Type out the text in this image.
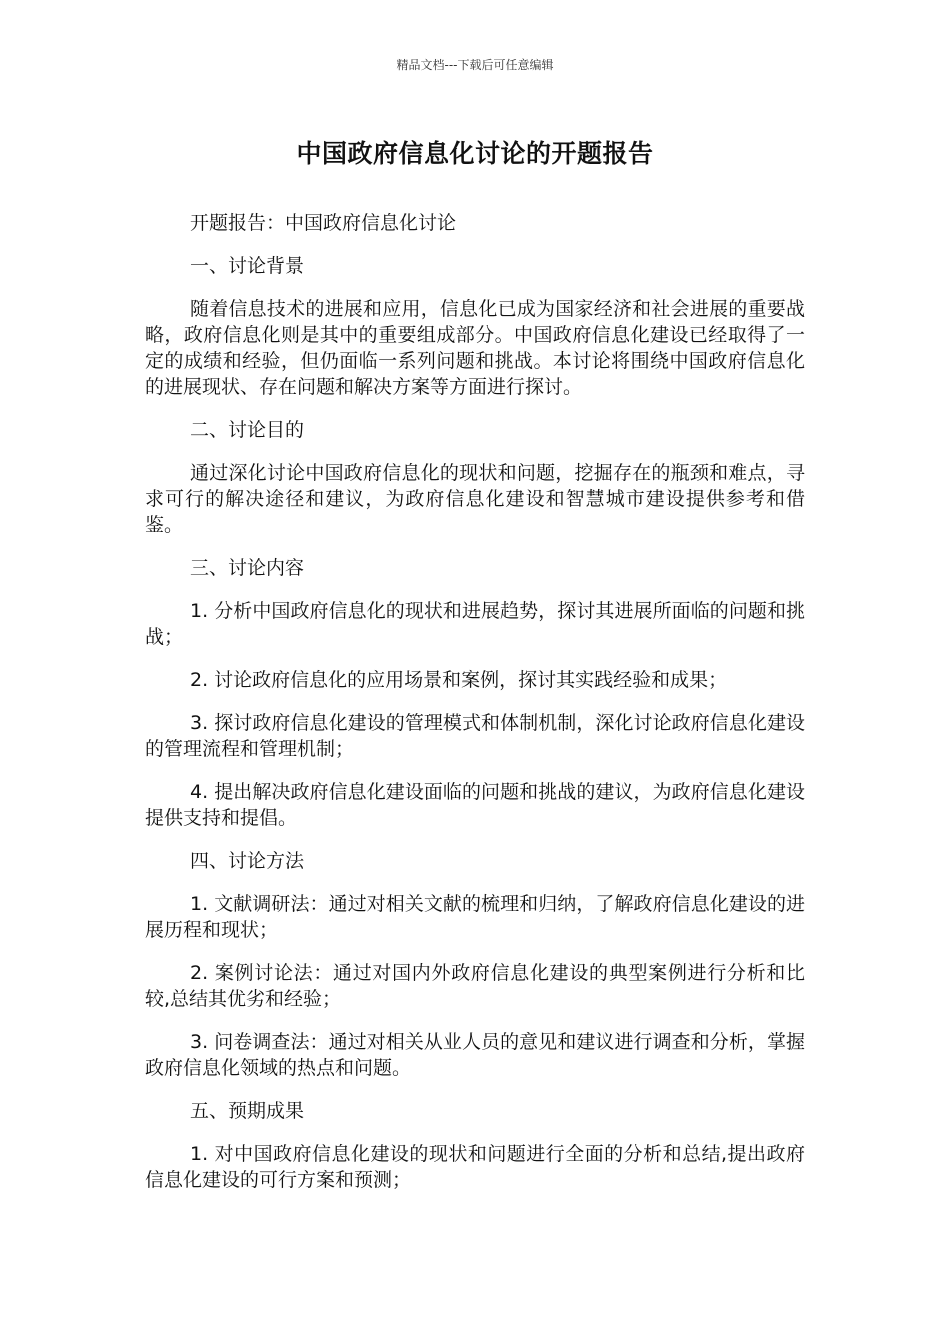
精品文档---下载后可任意编辑
中国政府信息化讨论的开题报告

开题报告：中国政府信息化讨论

一、讨论背景

随着信息技术的进展和应用，信息化已成为国家经济和社会进展的重要战略，政府信息化则是其中的重要组成部分。中国政府信息化建设已经取得了一定的成绩和经验，但仍面临一系列问题和挑战。本讨论将围绕中国政府信息化的进展现状、存在问题和解决方案等方面进行探讨。

二、讨论目的

通过深化讨论中国政府信息化的现状和问题，挖掘存在的瓶颈和难点，寻求可行的解决途径和建议，为政府信息化建设和智慧城市建设提供参考和借鉴。

三、讨论内容

1. 分析中国政府信息化的现状和进展趋势，探讨其进展所面临的问题和挑战；

2. 讨论政府信息化的应用场景和案例，探讨其实践经验和成果；

3. 探讨政府信息化建设的管理模式和体制机制，深化讨论政府信息化建设的管理流程和管理机制；

4. 提出解决政府信息化建设面临的问题和挑战的建议，为政府信息化建设提供支持和提倡。

四、讨论方法

1. 文献调研法：通过对相关文献的梳理和归纳，了解政府信息化建设的进展历程和现状；

2. 案例讨论法：通过对国内外政府信息化建设的典型案例进行分析和比较,总结其优劣和经验；

3. 问卷调查法：通过对相关从业人员的意见和建议进行调查和分析，掌握政府信息化领域的热点和问题。

五、预期成果

1. 对中国政府信息化建设的现状和问题进行全面的分析和总结,提出政府信息化建设的可行方案和预测；
